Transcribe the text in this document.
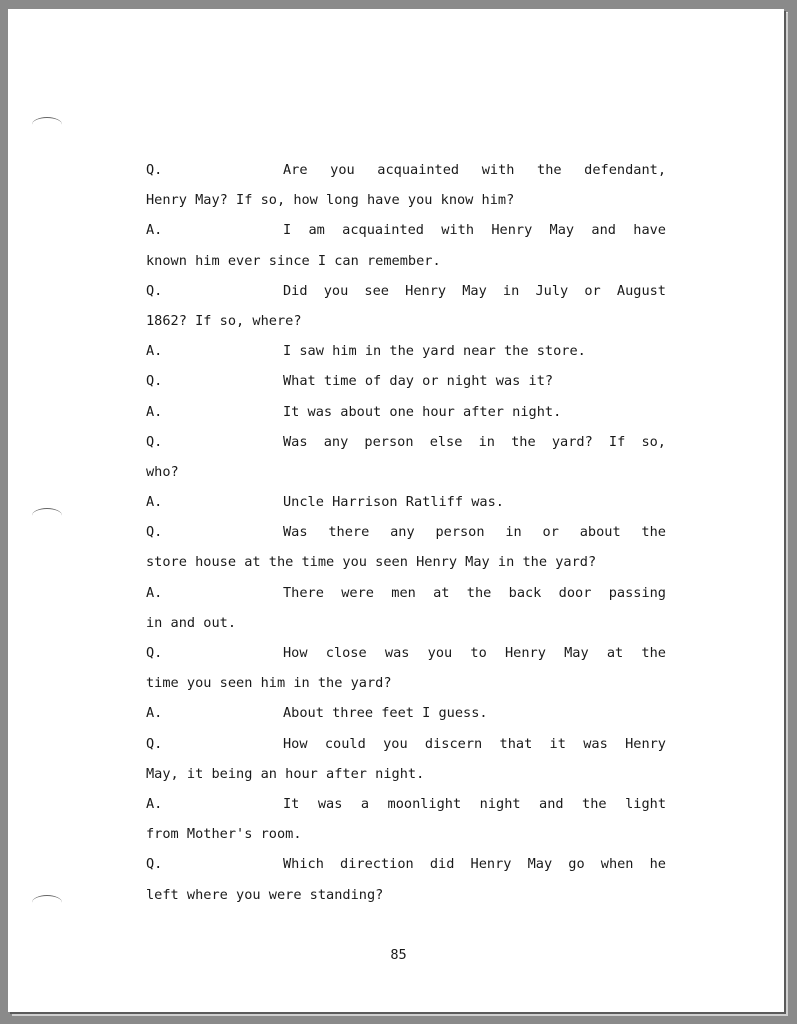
Q.	Are you acquainted with the defendant,
Henry May? If so, how long have you know him?
A.	I am acquainted with Henry May and have
known him ever since I can remember.
Q.	Did you see Henry May in July or August
1862? If so, where?
A.	I saw him in the yard near the store.
Q.	What time of day or night was it?
A.	It was about one hour after night.
Q.	Was any person else in the yard? If so,
who?
A.	Uncle Harrison Ratliff was.
Q.	Was there any person in or about the
store house at the time you seen Henry May in the yard?
A.	There were men at the back door passing
in and out.
Q.	How close was you to Henry May at the
time you seen him in the yard?
A.	About three feet I guess.
Q.	How could you discern that it was Henry
May, it being an hour after night.
A.	It was a moonlight night and the light
from Mother's room.
Q.	Which direction did Henry May go when he
left where you were standing?
85
